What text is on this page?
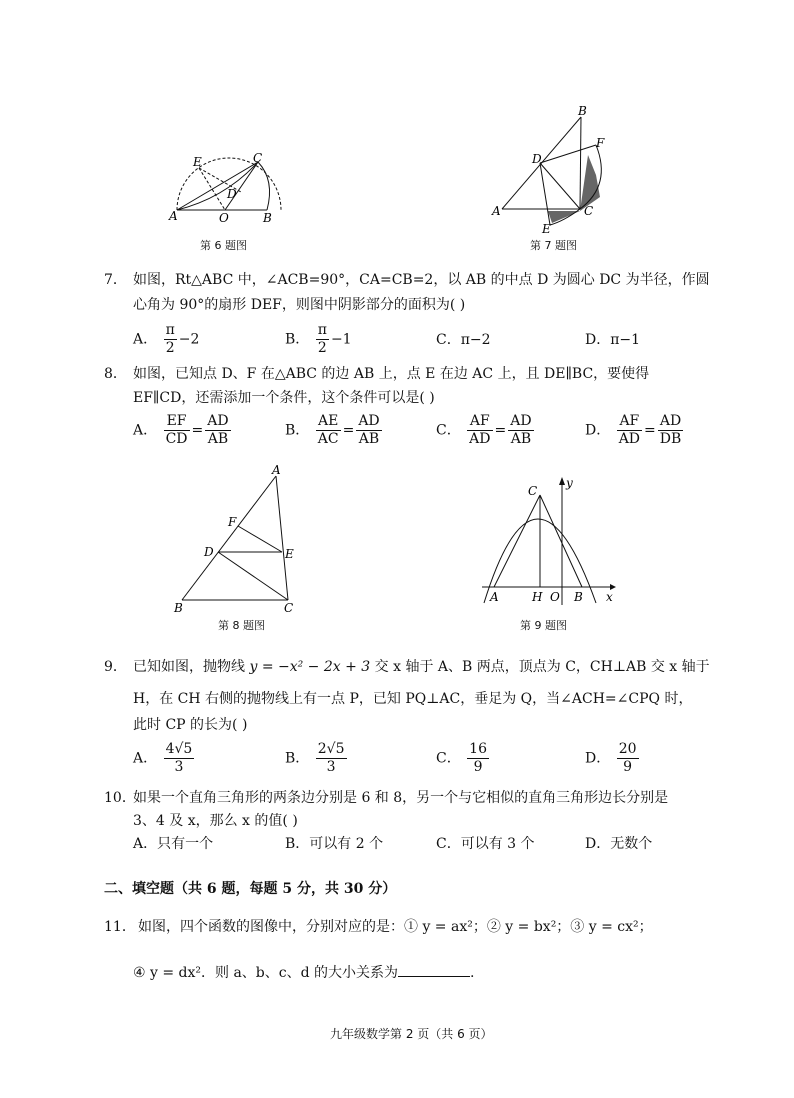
E	C
D
A	O	B
第 6 题图
B
D
F
A	C
E
第 7 题图
7． 如图，Rt△ABC 中，∠ACB=90°，CA=CB=2，以 AB 的中点 D 为圆心 DC 为半径，作圆
心角为 90°的扇形 DEF，则图中阴影部分的面积为( )
A． $\frac{\pi}{2} -2$	B． $\frac{\pi}{2} -1$	C．π−2	D．π−1
8． 如图，已知点 D、F 在△ABC 的边 AB 上，点 E 在边 AC 上，且 DE∥BC，要使得
EF∥CD，还需添加一个条件，这个条件可以是( )
A． $\frac{EF}{CD} = \frac{AD}{AB}$	B． $\frac{AE}{AC} = \frac{AD}{AB}$	C． $\frac{AF}{AD} = \frac{AD}{AB}$	D． $\frac{AF}{AD} = \frac{AD}{DB}$
A
F
D	E
B	C
第 8 题图
C
y
A	H O B x
第 9 题图
9． 已知如图，抛物线 y = −x² − 2x + 3 交 x 轴于 A、B 两点，顶点为 C，CH⊥AB 交 x 轴于
H，在 CH 右侧的抛物线上有一点 P，已知 PQ⊥AC，垂足为 Q，当∠ACH=∠CPQ 时，
此时 CP 的长为( )
A． $\frac{4√5}{3}$	B． $\frac{2√5}{3}$	C． $\frac{16}{9}$	D． $\frac{20}{9}$
10．
如果一个直角三角形的两条边分别是 6 和 8，另一个与它相似的直角三角形边长分别是
3、4 及 x，那么 x 的值( )
A．只有一个	B．可以有 2 个	C．可以有 3 个	D．无数个
二、填空题（共 6 题，每题 5 分，共 30 分）
11． 如图，四个函数的图像中，分别对应的是：① y = ax²；② y = bx²；③ y = cx²；
④ y = dx²．则 a、b、c、d 的大小关系为	.
九年级数学第 2 页（共 6 页）
